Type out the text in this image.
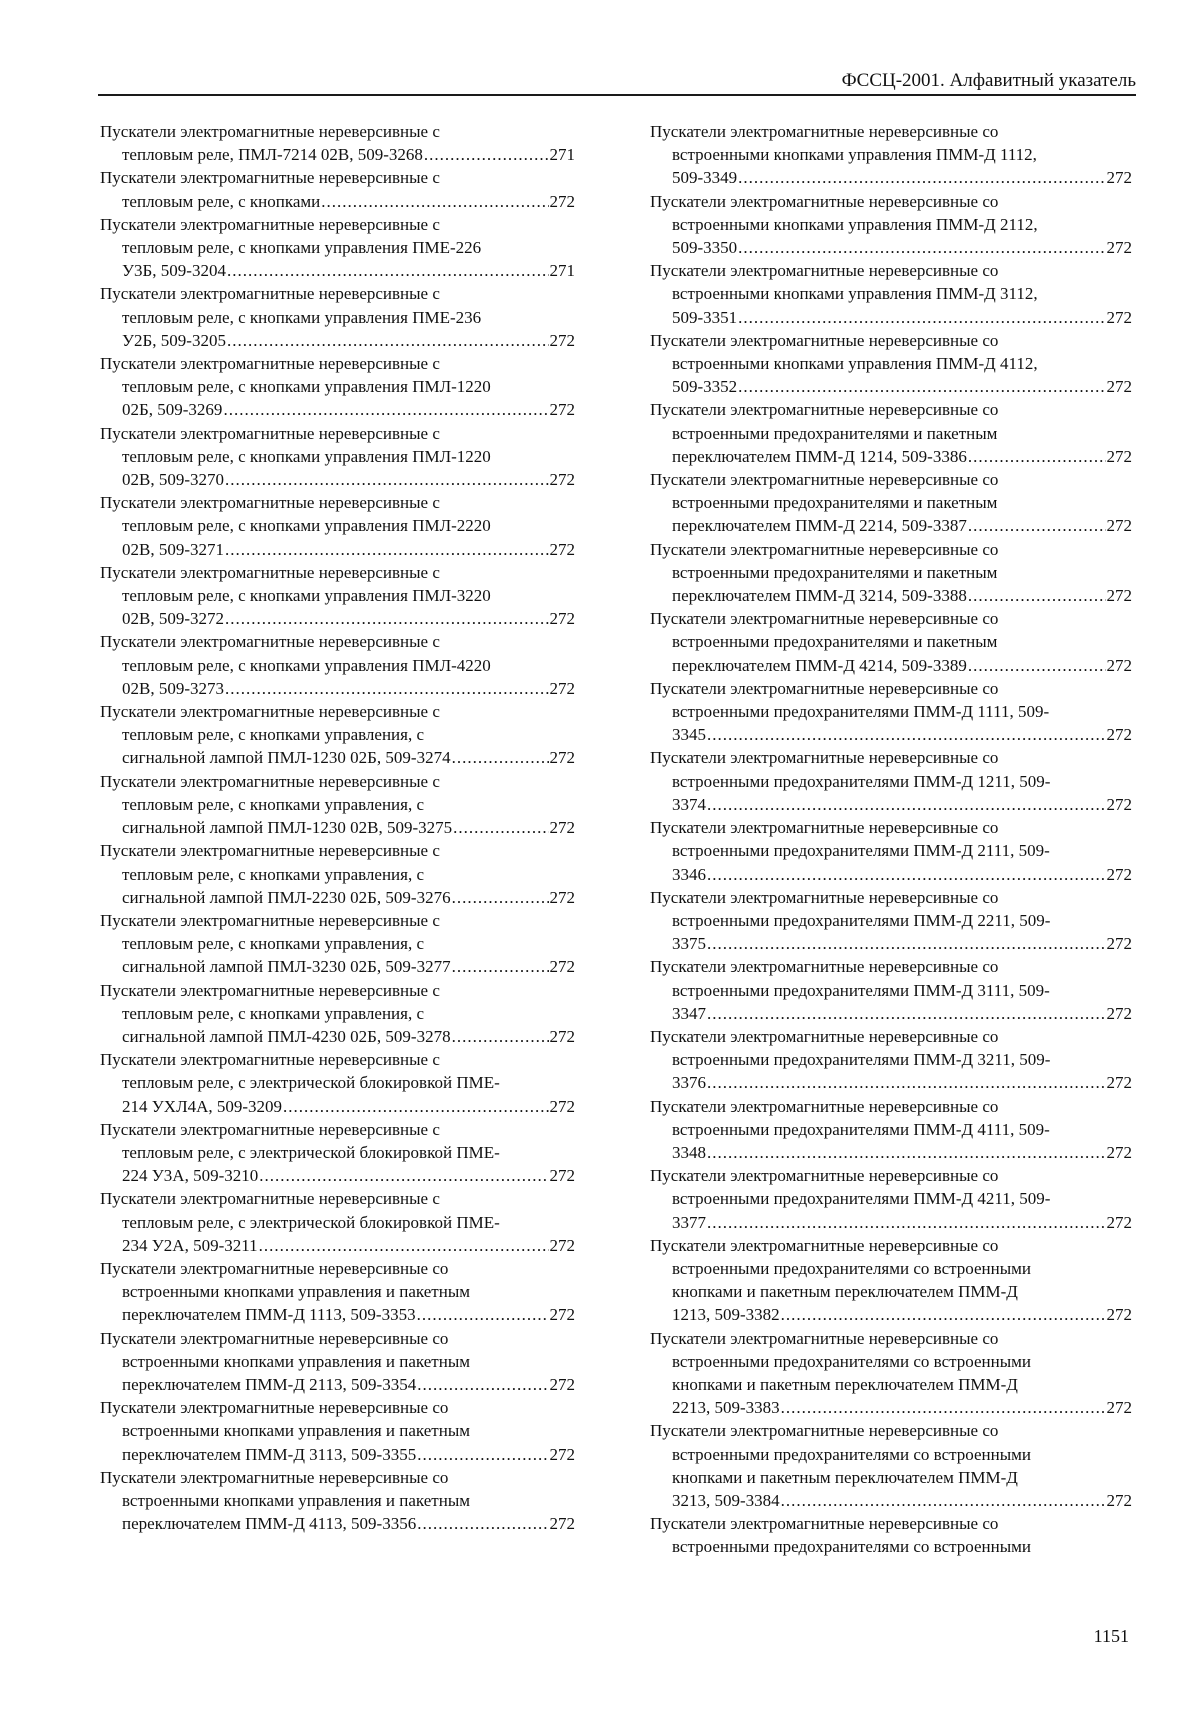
ФССЦ-2001. Алфавитный указатель
Пускатели электромагнитные нереверсивные с
тепловым реле, ПМЛ-7214 02В, 509-3268 .....	271
Пускатели электромагнитные нереверсивные с
тепловым реле, с кнопками .....	272
Пускатели электромагнитные нереверсивные с
тепловым реле, с кнопками управления ПМЕ-226
У3Б, 509-3204 .....	271
Пускатели электромагнитные нереверсивные с
тепловым реле, с кнопками управления ПМЕ-236
У2Б, 509-3205 .....	272
Пускатели электромагнитные нереверсивные с
тепловым реле, с кнопками управления ПМЛ-1220
02Б, 509-3269 .....	272
Пускатели электромагнитные нереверсивные с
тепловым реле, с кнопками управления ПМЛ-1220
02В, 509-3270 .....	272
Пускатели электромагнитные нереверсивные с
тепловым реле, с кнопками управления ПМЛ-2220
02В, 509-3271 .....	272
Пускатели электромагнитные нереверсивные с
тепловым реле, с кнопками управления ПМЛ-3220
02В, 509-3272 .....	272
Пускатели электромагнитные нереверсивные с
тепловым реле, с кнопками управления ПМЛ-4220
02В, 509-3273 .....	272
Пускатели электромагнитные нереверсивные с
тепловым реле, с кнопками управления, с
сигнальной лампой ПМЛ-1230 02Б, 509-3274 .....	272
Пускатели электромагнитные нереверсивные с
тепловым реле, с кнопками управления, с
сигнальной лампой ПМЛ-1230 02В, 509-3275 .....	272
Пускатели электромагнитные нереверсивные с
тепловым реле, с кнопками управления, с
сигнальной лампой ПМЛ-2230 02Б, 509-3276 .....	272
Пускатели электромагнитные нереверсивные с
тепловым реле, с кнопками управления, с
сигнальной лампой ПМЛ-3230 02Б, 509-3277 .....	272
Пускатели электромагнитные нереверсивные с
тепловым реле, с кнопками управления, с
сигнальной лампой ПМЛ-4230 02Б, 509-3278 .....	272
Пускатели электромагнитные нереверсивные с
тепловым реле, с электрической блокировкой ПМЕ-
214 УХЛ4А, 509-3209 .....	272
Пускатели электромагнитные нереверсивные с
тепловым реле, с электрической блокировкой ПМЕ-
224 У3А, 509-3210 .....	272
Пускатели электромагнитные нереверсивные с
тепловым реле, с электрической блокировкой ПМЕ-
234 У2А, 509-3211 .....	272
Пускатели электромагнитные нереверсивные со
встроенными кнопками управления и пакетным
переключателем ПММ-Д 1113, 509-3353 .....	272
Пускатели электромагнитные нереверсивные со
встроенными кнопками управления и пакетным
переключателем ПММ-Д 2113, 509-3354 .....	272
Пускатели электромагнитные нереверсивные со
встроенными кнопками управления и пакетным
переключателем ПММ-Д 3113, 509-3355 .....	272
Пускатели электромагнитные нереверсивные со
встроенными кнопками управления и пакетным
переключателем ПММ-Д 4113, 509-3356 .....	272
Пускатели электромагнитные нереверсивные со
встроенными кнопками управления ПММ-Д 1112,
509-3349 .....	272
Пускатели электромагнитные нереверсивные со
встроенными кнопками управления ПММ-Д 2112,
509-3350 .....	272
Пускатели электромагнитные нереверсивные со
встроенными кнопками управления ПММ-Д 3112,
509-3351 .....	272
Пускатели электромагнитные нереверсивные со
встроенными кнопками управления ПММ-Д 4112,
509-3352 .....	272
Пускатели электромагнитные нереверсивные со
встроенными предохранителями и пакетным
переключателем ПММ-Д 1214, 509-3386 .....	272
Пускатели электромагнитные нереверсивные со
встроенными предохранителями и пакетным
переключателем ПММ-Д 2214, 509-3387 .....	272
Пускатели электромагнитные нереверсивные со
встроенными предохранителями и пакетным
переключателем ПММ-Д 3214, 509-3388 .....	272
Пускатели электромагнитные нереверсивные со
встроенными предохранителями и пакетным
переключателем ПММ-Д 4214, 509-3389 .....	272
Пускатели электромагнитные нереверсивные со
встроенными предохранителями ПММ-Д 1111, 509-
3345 .....	272
Пускатели электромагнитные нереверсивные со
встроенными предохранителями ПММ-Д 1211, 509-
3374 .....	272
Пускатели электромагнитные нереверсивные со
встроенными предохранителями ПММ-Д 2111, 509-
3346 .....	272
Пускатели электромагнитные нереверсивные со
встроенными предохранителями ПММ-Д 2211, 509-
3375 .....	272
Пускатели электромагнитные нереверсивные со
встроенными предохранителями ПММ-Д 3111, 509-
3347 .....	272
Пускатели электромагнитные нереверсивные со
встроенными предохранителями ПММ-Д 3211, 509-
3376 .....	272
Пускатели электромагнитные нереверсивные со
встроенными предохранителями ПММ-Д 4111, 509-
3348 .....	272
Пускатели электромагнитные нереверсивные со
встроенными предохранителями ПММ-Д 4211, 509-
3377 .....	272
Пускатели электромагнитные нереверсивные со
встроенными предохранителями со встроенными
кнопками и пакетным переключателем ПММ-Д
1213, 509-3382 .....	272
Пускатели электромагнитные нереверсивные со
встроенными предохранителями со встроенными
кнопками и пакетным переключателем ПММ-Д
2213, 509-3383 .....	272
Пускатели электромагнитные нереверсивные со
встроенными предохранителями со встроенными
кнопками и пакетным переключателем ПММ-Д
3213, 509-3384 .....	272
Пускатели электромагнитные нереверсивные со
встроенными предохранителями со встроенными
1151
